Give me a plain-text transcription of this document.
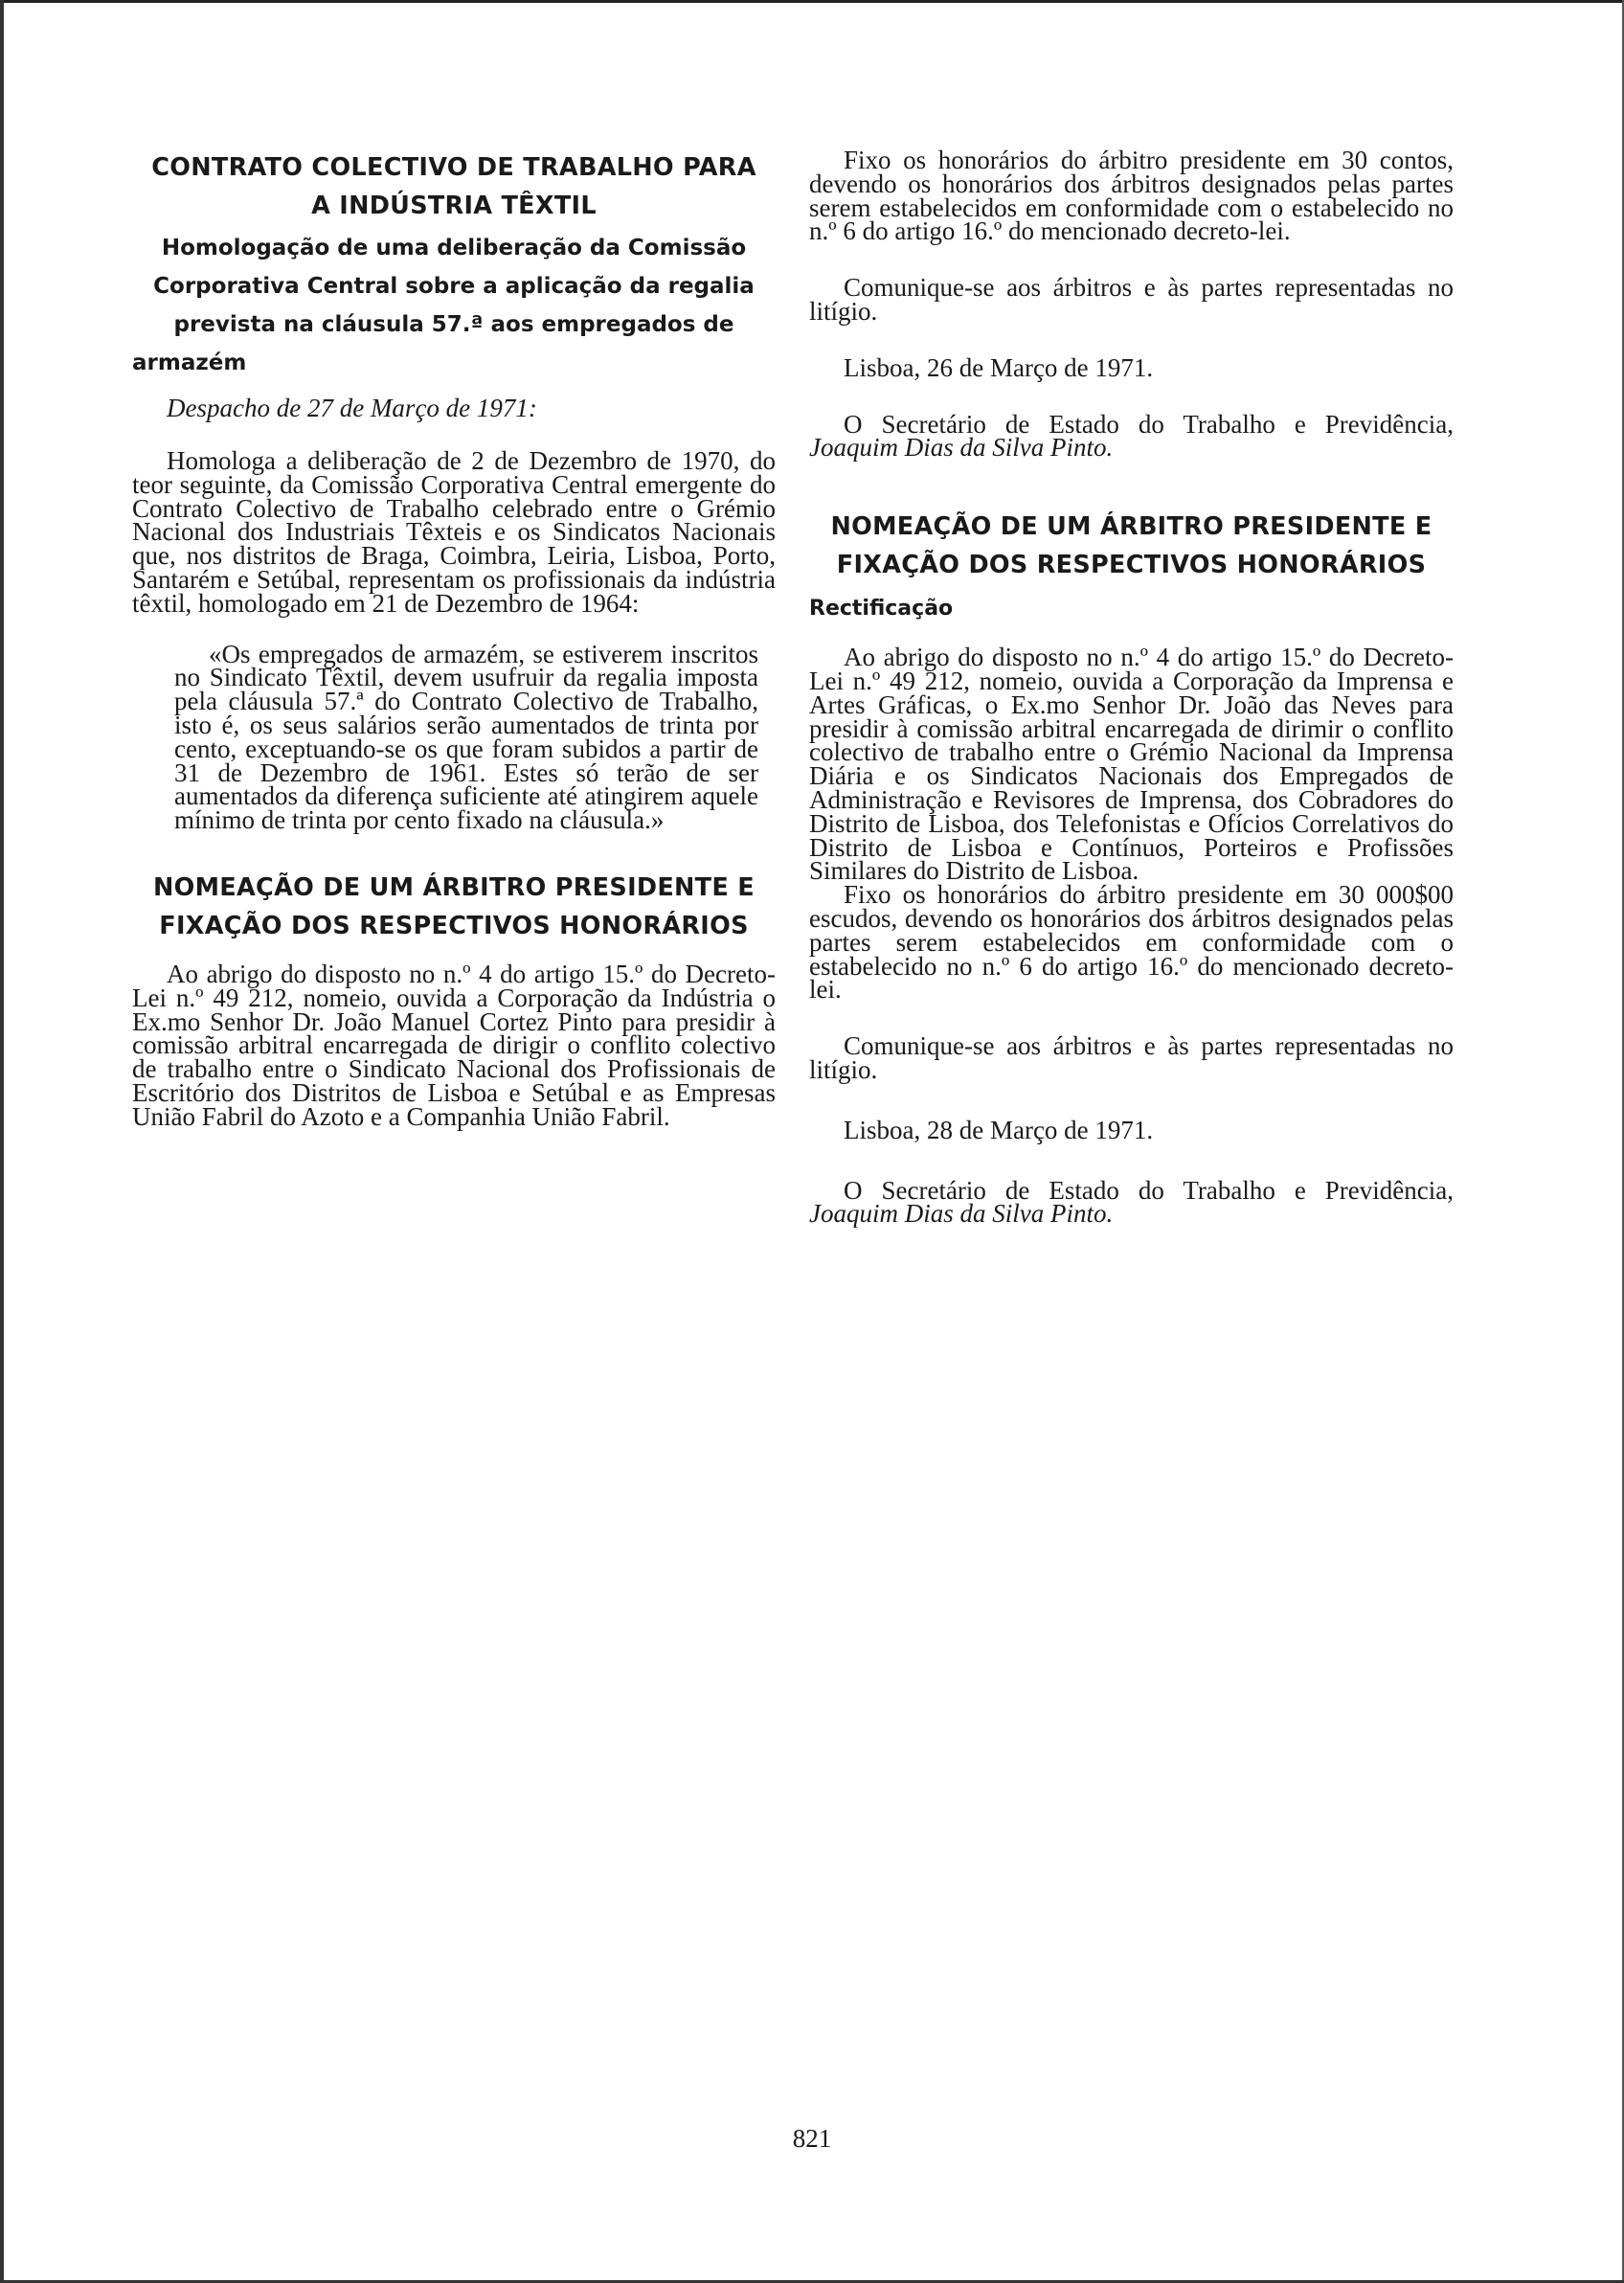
CONTRATO COLECTIVO DE TRABALHO PARA
A INDÚSTRIA TÊXTIL

Homologação de uma deliberação da Comissão Corporativa Central sobre a aplicação da regalia prevista na cláusula 57.ª aos empregados de armazém

Despacho de 27 de Março de 1971:

Homologa a deliberação de 2 de Dezembro de 1970, do teor seguinte, da Comissão Corporativa Central emergente do Contrato Colectivo de Trabalho celebrado entre o Grémio Nacional dos Industriais Têxteis e os Sindicatos Nacionais que, nos distritos de Braga, Coimbra, Leiria, Lisboa, Porto, Santarém e Setúbal, representam os profissionais da indústria têxtil, homologado em 21 de Dezembro de 1964:

«Os empregados de armazém, se estiverem inscritos no Sindicato Têxtil, devem usufruir da regalia imposta pela cláusula 57.ª do Contrato Colectivo de Trabalho, isto é, os seus salários serão aumentados de trinta por cento, exceptuando-se os que foram subidos a partir de 31 de Dezembro de 1961. Estes só terão de ser aumentados da diferença suficiente até atingirem aquele mínimo de trinta por cento fixado na cláusula.»

NOMEAÇÃO DE UM ÁRBITRO PRESIDENTE E
FIXAÇÃO DOS RESPECTIVOS HONORÁRIOS

Ao abrigo do disposto no n.º 4 do artigo 15.º do Decreto-Lei n.º 49 212, nomeio, ouvida a Corporação da Indústria o Ex.mo Senhor Dr. João Manuel Cortez Pinto para presidir à comissão arbitral encarregada de dirigir o conflito colectivo de trabalho entre o Sindicato Nacional dos Profissionais de Escritório dos Distritos de Lisboa e Setúbal e as Empresas União Fabril do Azoto e a Companhia União Fabril.

Fixo os honorários do árbitro presidente em 30 contos, devendo os honorários dos árbitros designados pelas partes serem estabelecidos em conformidade com o estabelecido no n.º 6 do artigo 16.º do mencionado decreto-lei.

Comunique-se aos árbitros e às partes representadas no litígio.

Lisboa, 26 de Março de 1971.

O Secretário de Estado do Trabalho e Previdência, Joaquim Dias da Silva Pinto.

NOMEAÇÃO DE UM ÁRBITRO PRESIDENTE E
FIXAÇÃO DOS RESPECTIVOS HONORÁRIOS

Rectificação

Ao abrigo do disposto no n.º 4 do artigo 15.º do Decreto-Lei n.º 49 212, nomeio, ouvida a Corporação da Imprensa e Artes Gráficas, o Ex.mo Senhor Dr. João das Neves para presidir à comissão arbitral encarregada de dirimir o conflito colectivo de trabalho entre o Grémio Nacional da Imprensa Diária e os Sindicatos Nacionais dos Empregados de Administração e Revisores de Imprensa, dos Cobradores do Distrito de Lisboa, dos Telefonistas e Ofícios Correlativos do Distrito de Lisboa e Contínuos, Porteiros e Profissões Similares do Distrito de Lisboa.

Fixo os honorários do árbitro presidente em 30 000$00 escudos, devendo os honorários dos árbitros designados pelas partes serem estabelecidos em conformidade com o estabelecido no n.º 6 do artigo 16.º do mencionado decreto-lei.

Comunique-se aos árbitros e às partes representadas no litígio.

Lisboa, 28 de Março de 1971.

O Secretário de Estado do Trabalho e Previdência, Joaquim Dias da Silva Pinto.

821
